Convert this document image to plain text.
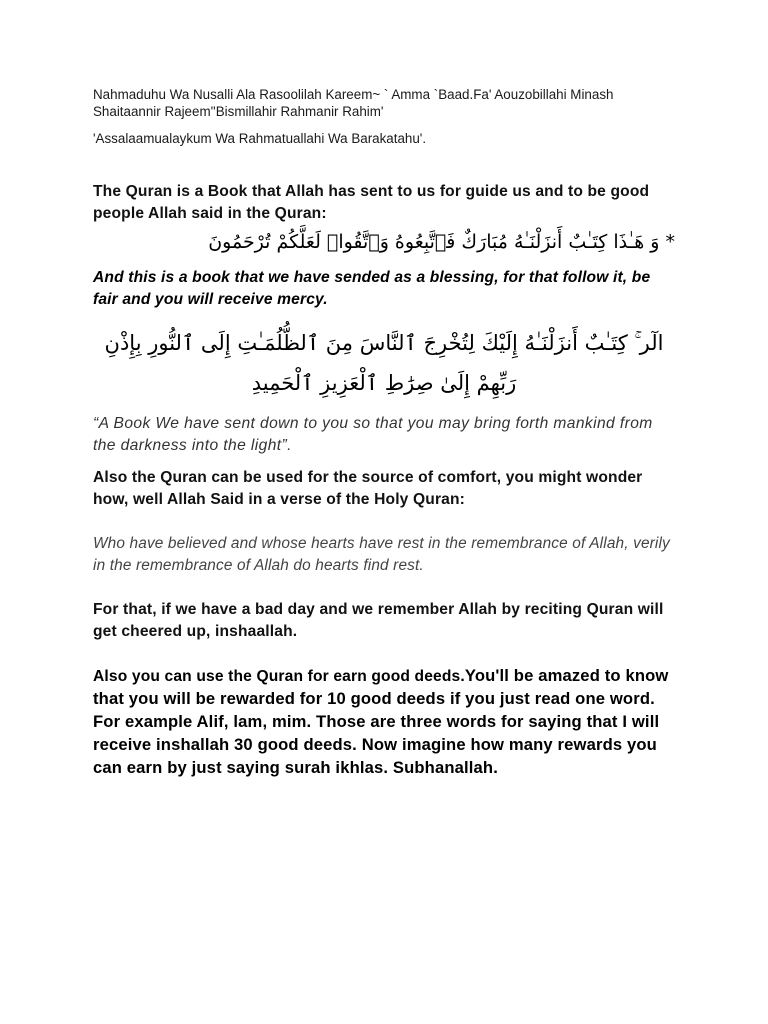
Nahmaduhu Wa Nusalli Ala Rasoolilah Kareem~ ` Amma `Baad.Fa' Aouzobillahi Minash Shaitaannir Rajeem''Bismillahir Rahmanir Rahim'

'Assalaamualaykum Wa Rahmatuallahi Wa Barakatahu'.

The Quran is a Book that Allah has sent to us for guide us and to be good people Allah said in the Quran:

* وَ هَـٰذَا كِتَـٰبٌ أَنزَلْنَـٰهُ مُبَارَكٌ فَٱتَّبِعُوهُ وَٱتَّقُوا۟ لَعَلَّكُمْ تُرْحَمُونَ

And this is a book that we have sended as a blessing, for that follow it, be fair and you will receive mercy.

الٓر ۚ كِتَـٰبٌ أَنزَلْنَـٰهُ إِلَيْكَ لِتُخْرِجَ ٱلنَّاسَ مِنَ ٱلظُّلُمَـٰتِ إِلَى ٱلنُّورِ بِإِذْنِ رَبِّهِمْ إِلَىٰ صِرَٰطِ ٱلْعَزِيزِ ٱلْحَمِيدِ

“A Book We have sent down to you so that you may bring forth mankind from the darkness into the light”.

Also the Quran can be used for the source of comfort, you might wonder how, well Allah Said in a verse of the Holy Quran:

Who have believed and whose hearts have rest in the remembrance of Allah, verily in the remembrance of Allah do hearts find rest.

For that, if we have a bad day and we remember Allah by reciting Quran will get cheered up, inshaallah.

Also you can use the Quran for earn good deeds.You'll be amazed to know that you will be rewarded for 10 good deeds if you just read one word. For example Alif, lam, mim. Those are three words for saying that I will receive inshallah 30 good deeds. Now imagine how many rewards you can earn by just saying surah ikhlas. Subhanallah.
